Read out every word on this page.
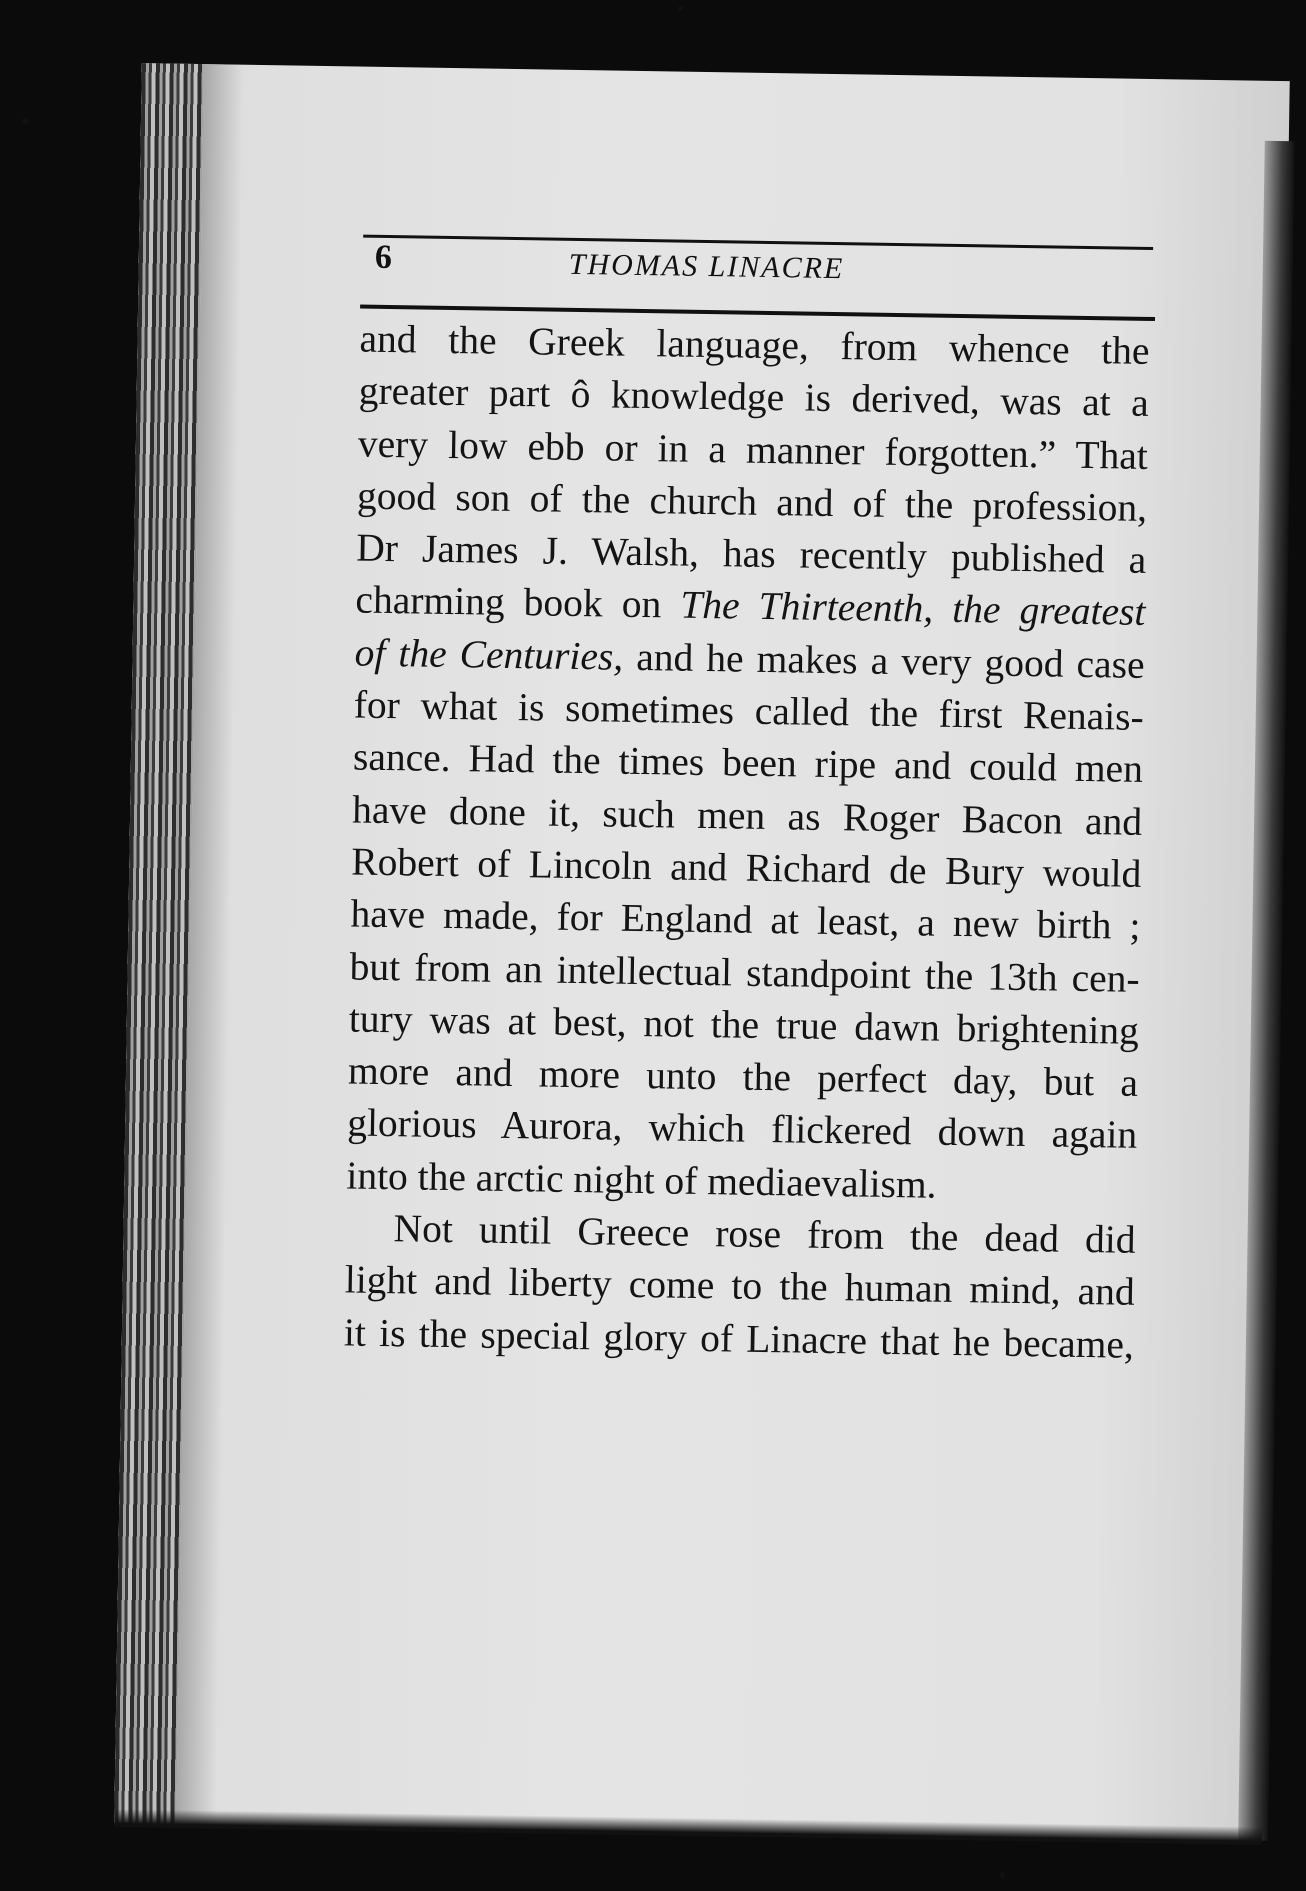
6	THOMAS LINACRE
and the Greek language, from whence the
greater part ô knowledge is derived, was at a
very low ebb or in a manner forgotten.” That
good son of the church and of the profession,
Dr James J. Walsh, has recently published a
charming book on The Thirteenth, the greatest
of the Centuries, and he makes a very good case
for what is sometimes called the first Renais-
sance. Had the times been ripe and could men
have done it, such men as Roger Bacon and
Robert of Lincoln and Richard de Bury would
have made, for England at least, a new birth ;
but from an intellectual standpoint the 13th cen-
tury was at best, not the true dawn brightening
more and more unto the perfect day, but a
glorious Aurora, which flickered down again
into the arctic night of mediaevalism.
Not until Greece rose from the dead did
light and liberty come to the human mind, and
it is the special glory of Linacre that he became,
